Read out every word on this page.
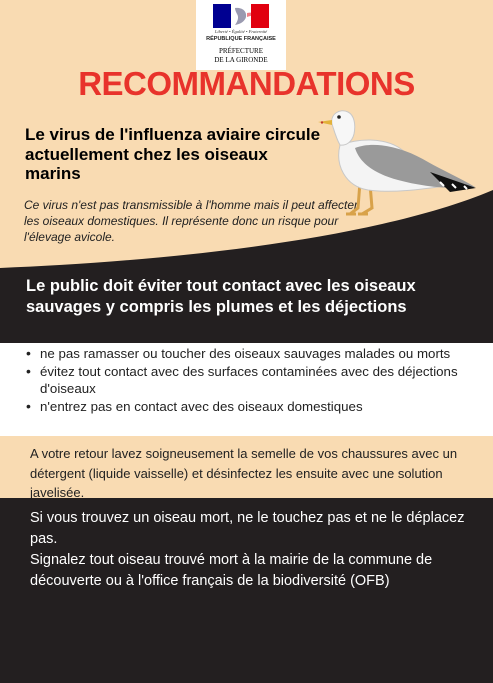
Liberté • Égalité • Fraternité
RÉPUBLIQUE FRANÇAISE
PRÉFECTURE
DE LA GIRONDE
RECOMMANDATIONS
Le virus de l'influenza aviaire circule actuellement chez les oiseaux marins
Ce virus n'est pas transmissible à l'homme mais il peut affecter les oiseaux domestiques. Il représente donc un risque pour l'élevage avicole.
Le public doit éviter tout contact avec les oiseaux sauvages y compris les plumes et les déjections
• ne pas ramasser ou toucher des oiseaux sauvages malades ou morts
• évitez tout contact avec des surfaces contaminées avec des déjections d'oiseaux
• n'entrez pas en contact avec des oiseaux domestiques
A votre retour lavez soigneusement la semelle de vos chaussures avec un détergent (liquide vaisselle) et désinfectez les ensuite avec une solution javelisée.
Si vous trouvez un oiseau mort, ne le touchez pas et ne le déplacez pas.
Signalez tout oiseau trouvé mort à la mairie de la commune de découverte ou à l'office français de la biodiversité (OFB)
